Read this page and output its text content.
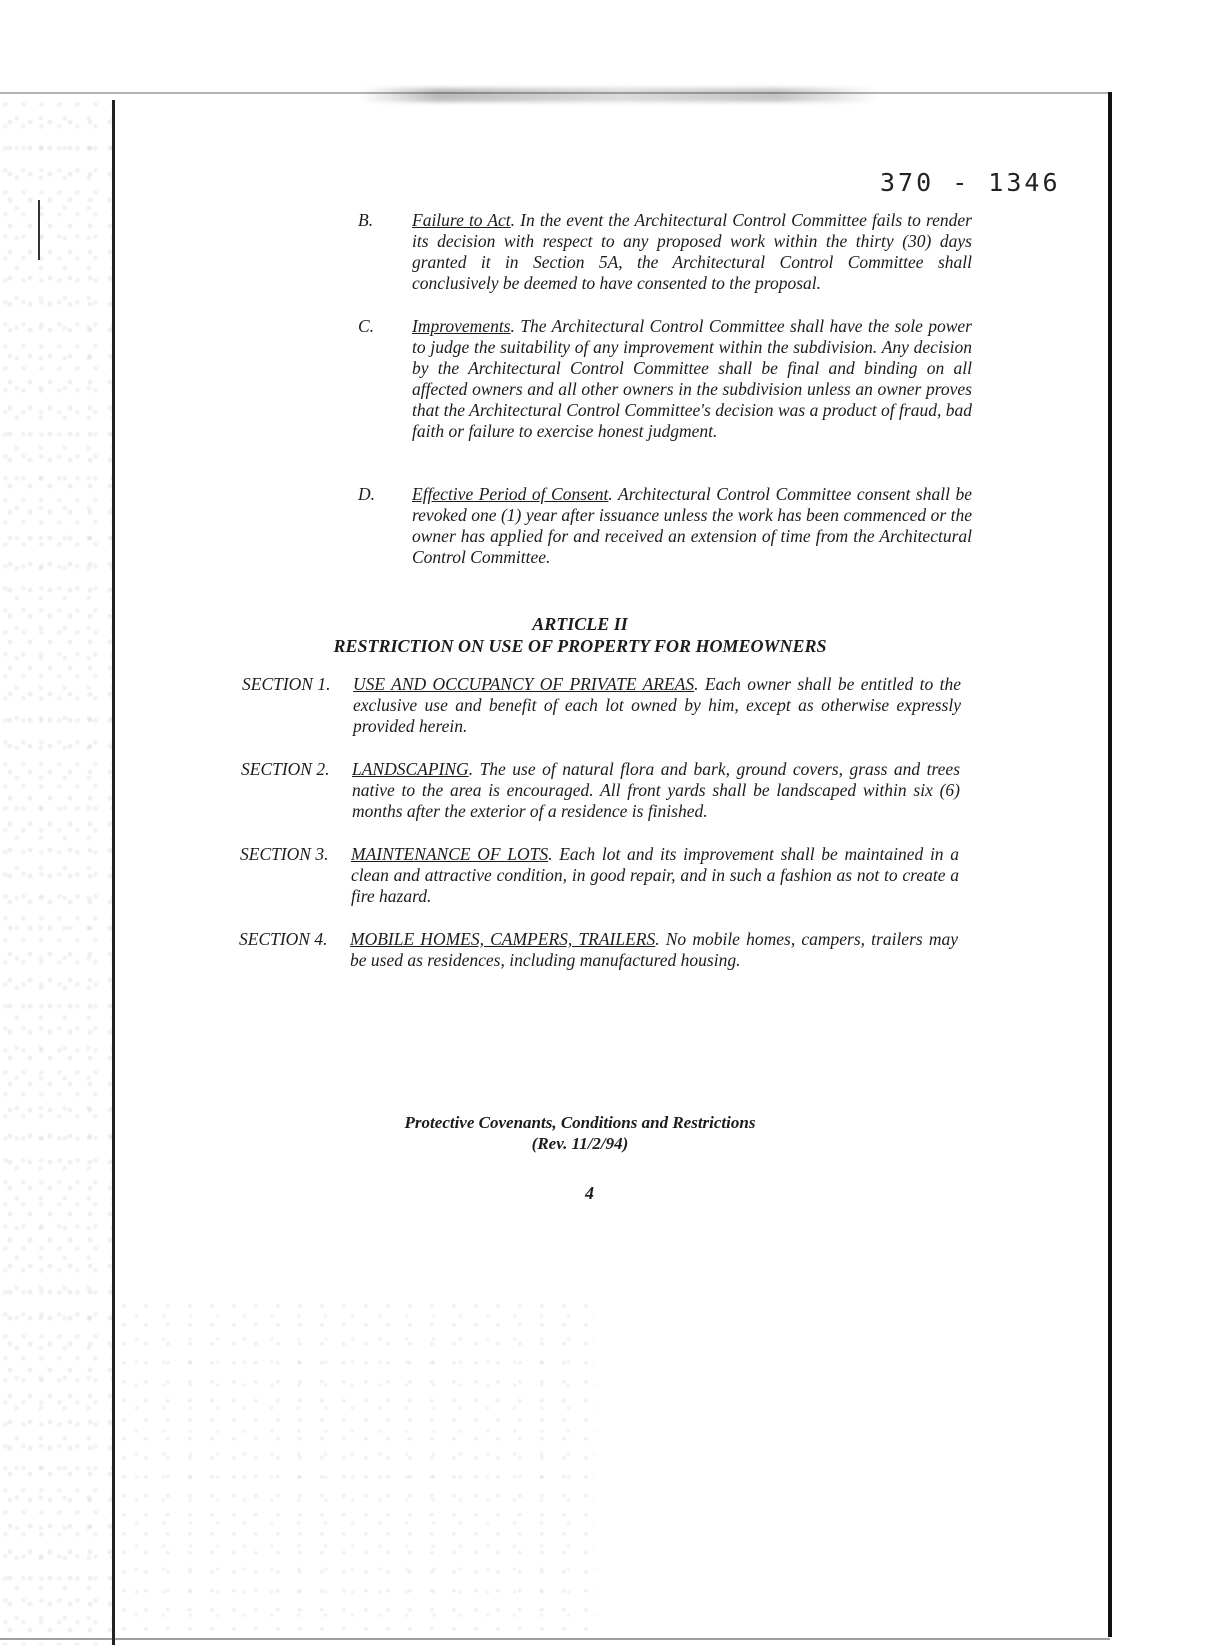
370 - 1346
B. Failure to Act. In the event the Architectural Control Committee fails to render its decision with respect to any proposed work within the thirty (30) days granted it in Section 5A, the Architectural Control Committee shall conclusively be deemed to have consented to the proposal.
C. Improvements. The Architectural Control Committee shall have the sole power to judge the suitability of any improvement within the subdivision. Any decision by the Architectural Control Committee shall be final and binding on all affected owners and all other owners in the subdivision unless an owner proves that the Architectural Control Committee's decision was a product of fraud, bad faith or failure to exercise honest judgment.
D. Effective Period of Consent. Architectural Control Committee consent shall be revoked one (1) year after issuance unless the work has been commenced or the owner has applied for and received an extension of time from the Architectural Control Committee.
ARTICLE II
RESTRICTION ON USE OF PROPERTY FOR HOMEOWNERS
SECTION 1. USE AND OCCUPANCY OF PRIVATE AREAS. Each owner shall be entitled to the exclusive use and benefit of each lot owned by him, except as otherwise expressly provided herein.
SECTION 2. LANDSCAPING. The use of natural flora and bark, ground covers, grass and trees native to the area is encouraged. All front yards shall be landscaped within six (6) months after the exterior of a residence is finished.
SECTION 3. MAINTENANCE OF LOTS. Each lot and its improvement shall be maintained in a clean and attractive condition, in good repair, and in such a fashion as not to create a fire hazard.
SECTION 4. MOBILE HOMES, CAMPERS, TRAILERS. No mobile homes, campers, trailers may be used as residences, including manufactured housing.
Protective Covenants, Conditions and Restrictions
(Rev. 11/2/94)
4
